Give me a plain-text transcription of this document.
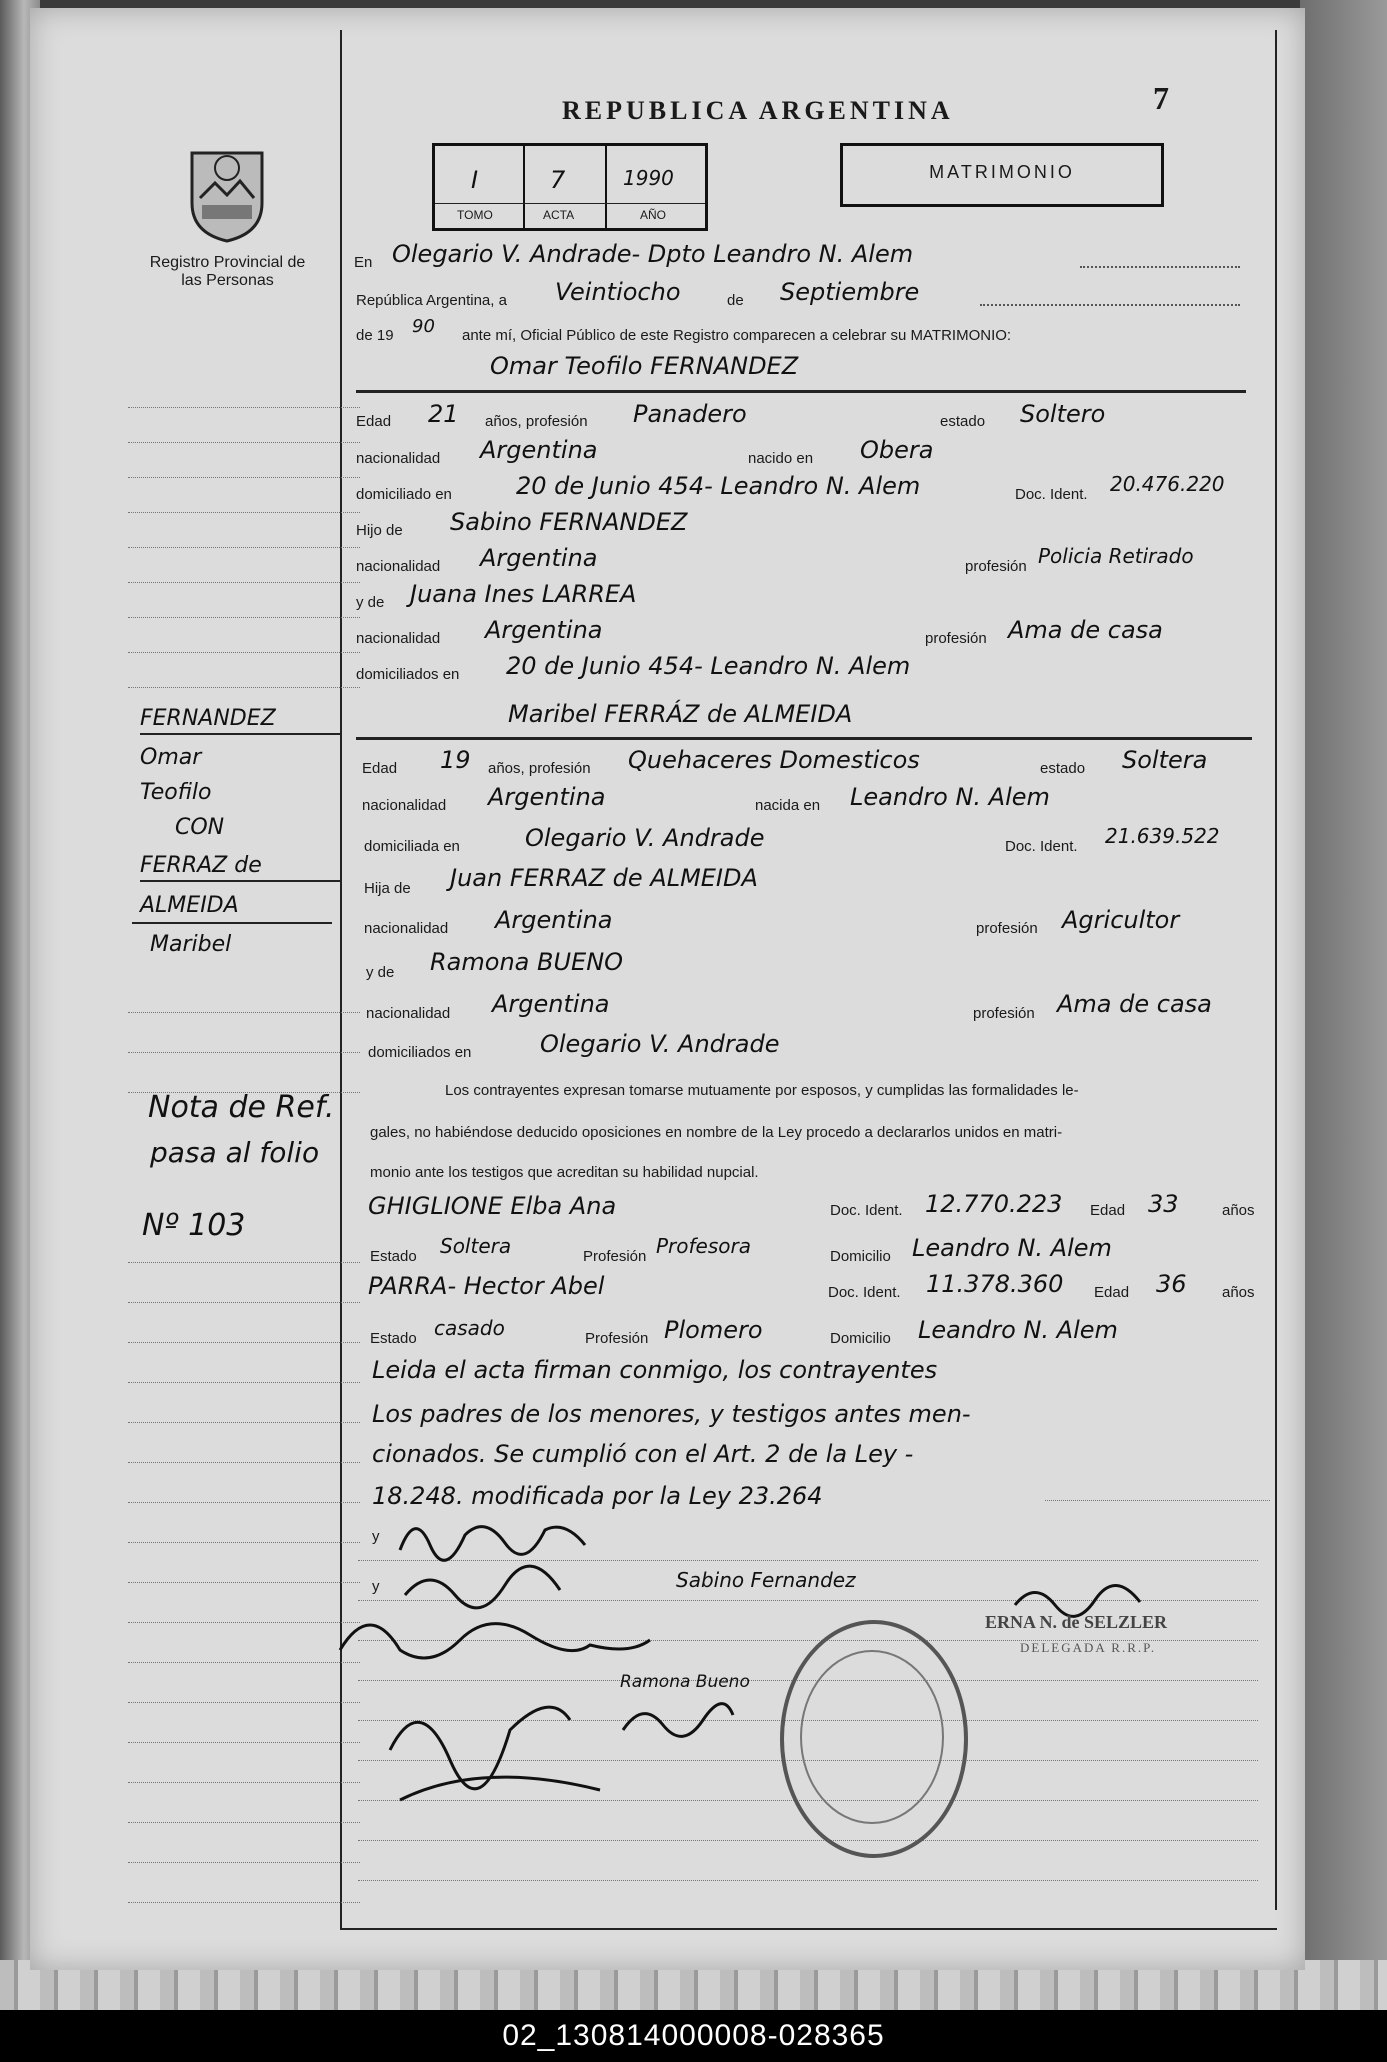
REPUBLICA ARGENTINA	7
Registro Provincial de las Personas
I	7	1990
TOMO	ACTA	AÑO
MATRIMONIO
En Olegario V. Andrade- Dpto Leandro N. Alem
República Argentina, a Veintiocho	de Septiembre
de 19 90 ante mí, Oficial Público de este Registro comparecen a celebrar su MATRIMONIO:
Omar Teofilo FERNANDEZ
Edad 21 años, profesión Panadero	estado Soltero
nacionalidad Argentina	nacido en Obera
domiciliado en	20 de Junio 454- Leandro N. Alem	Doc. Ident. 20.476.220
Hijo de Sabino FERNANDEZ
nacionalidad Argentina	profesión Policia Retirado
y de Juana Ines LARREA
nacionalidad Argentina	profesión Ama de casa
domiciliados en 20 de Junio 454- Leandro N. Alem
Maribel FERRÁZ de ALMEIDA
Edad 19 años, profesión Quehaceres Domesticos	estado Soltera
nacionalidad Argentina	nacida en Leandro N. Alem
domiciliada en	Olegario V. Andrade	Doc. Ident. 21.639.522
Hija de Juan FERRAZ de ALMEIDA
nacionalidad Argentina	profesión Agricultor
y de Ramona BUENO
nacionalidad Argentina	profesión Ama de casa
domiciliados en	Olegario V. Andrade
Los contrayentes expresan tomarse mutuamente por esposos, y cumplidas las formalidades le-
gales, no habiéndose deducido oposiciones en nombre de la Ley procedo a declararlos unidos en matri-
monio ante los testigos que acreditan su habilidad nupcial.
GHIGLIONE Elba Ana	Doc. Ident. 12.770.223 Edad 33	años
Estado Soltera	Profesión Profesora	Domicilio Leandro N. Alem
PARRA- Hector Abel	Doc. Ident. 11.378.360 Edad 36 años
Estado casado	Profesión Plomero	Domicilio Leandro N. Alem
Leida el acta firman conmigo, los contrayentes
Los padres de los menores, y testigos antes men-
cionados. Se cumplió con el Art. 2 de la Ley -
18.248. modificada por la Ley 23.264
y
y	Sabino Fernandez
Ramona Bueno
ERNA N. de SELZLER
DELEGADA R.R.P.
FERNANDEZ
Omar
Teofilo
CON
FERRAZ de
ALMEIDA
Maribel
Nota de Ref.
pasa al folio
Nº 103
02_130814000008-028365
